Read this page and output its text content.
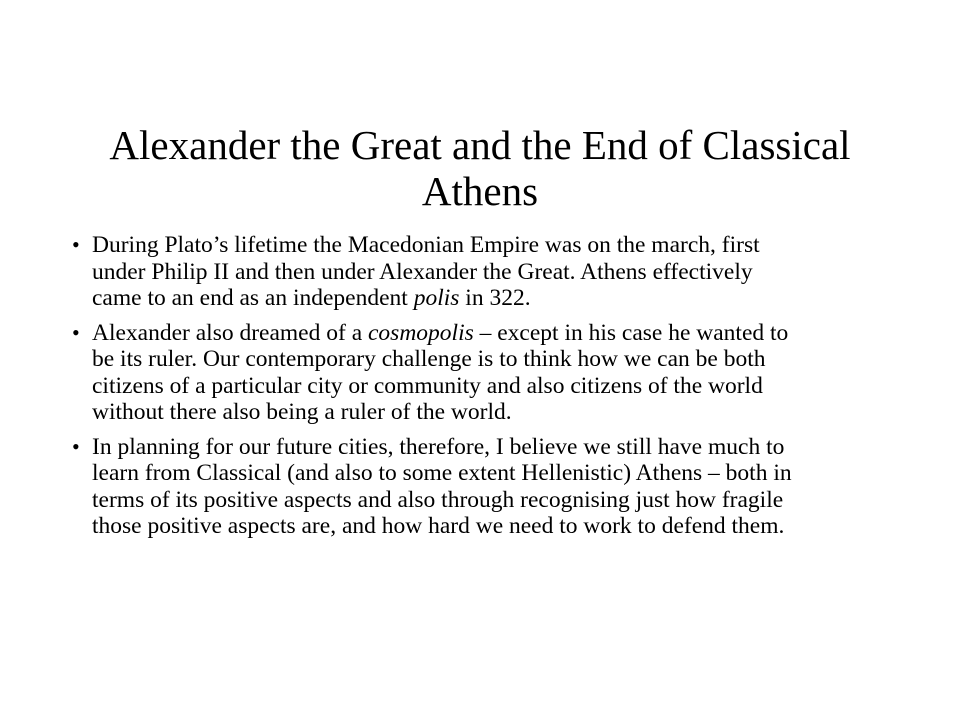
Alexander the Great and the End of Classical
Athens
• During Plato’s lifetime the Macedonian Empire was on the march, first
under Philip II and then under Alexander the Great. Athens effectively
came to an end as an independent polis in 322.
• Alexander also dreamed of a cosmopolis – except in his case he wanted to
be its ruler. Our contemporary challenge is to think how we can be both
citizens of a particular city or community and also citizens of the world
without there also being a ruler of the world.
• In planning for our future cities, therefore, I believe we still have much to
learn from Classical (and also to some extent Hellenistic) Athens – both in
terms of its positive aspects and also through recognising just how fragile
those positive aspects are, and how hard we need to work to defend them.
